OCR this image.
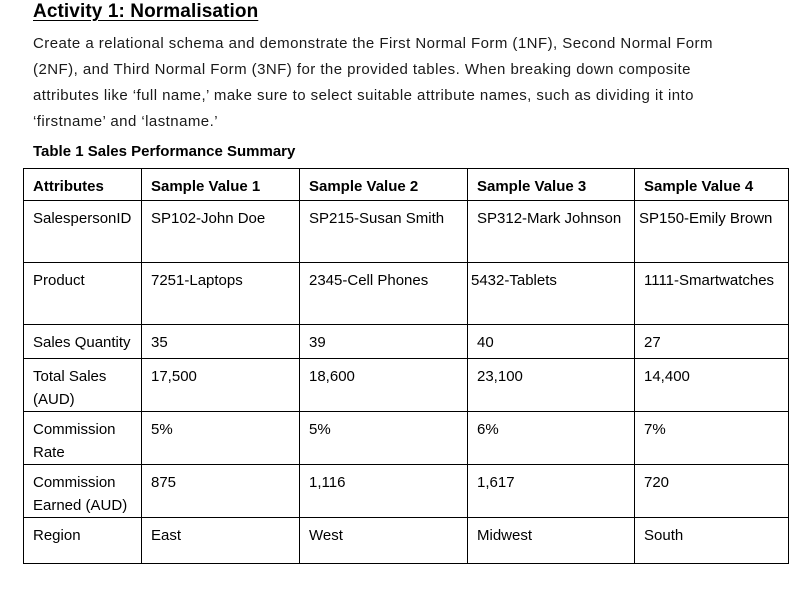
Activity 1: Normalisation
Create a relational schema and demonstrate the First Normal Form (1NF), Second Normal Form (2NF), and Third Normal Form (3NF) for the provided tables. When breaking down composite attributes like ‘full name,’ make sure to select suitable attribute names, such as dividing it into ‘firstname’ and ‘lastname.’
Table 1 Sales Performance Summary
Attributes	Sample Value 1	Sample Value 2	Sample Value 3	Sample Value 4
SalespersonID	SP102-John Doe	SP215-Susan Smith	SP312-Mark Johnson	SP150-Emily Brown
Product	7251-Laptops	2345-Cell Phones	5432-Tablets	1111-Smartwatches
Sales Quantity	35	39	40	27
Total Sales (AUD)	17,500	18,600	23,100	14,400
Commission Rate	5%	5%	6%	7%
Commission Earned (AUD)	875	1,116	1,617	720
Region	East	West	Midwest	South
